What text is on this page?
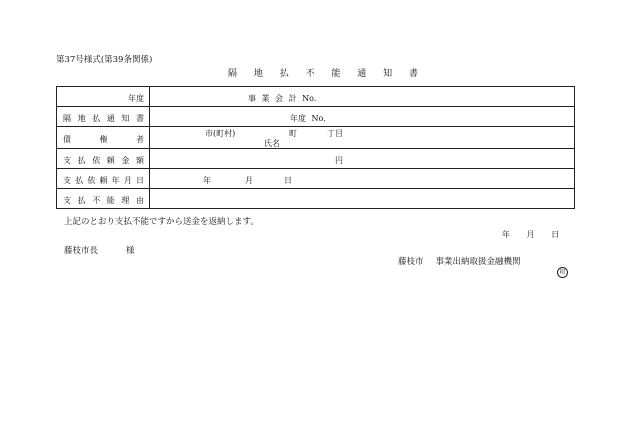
第37号様式(第39条関係)
隔 地 払 不 能 通 知 書
年度	事 業 会 計 No.

隔 地 払 通 知 書	年度 No.

債 権 者	市(町村) 町 丁目
氏名

支 払 依 頼 金 額	円

支 払 依 頼 年 月 日	年 月 日

支 払 不 能 理 由	

上記のとおり支払不能ですから送金を返納します。
年 月 日
藤枝市長	様
藤枝市 事業出納取扱金融機関
印
